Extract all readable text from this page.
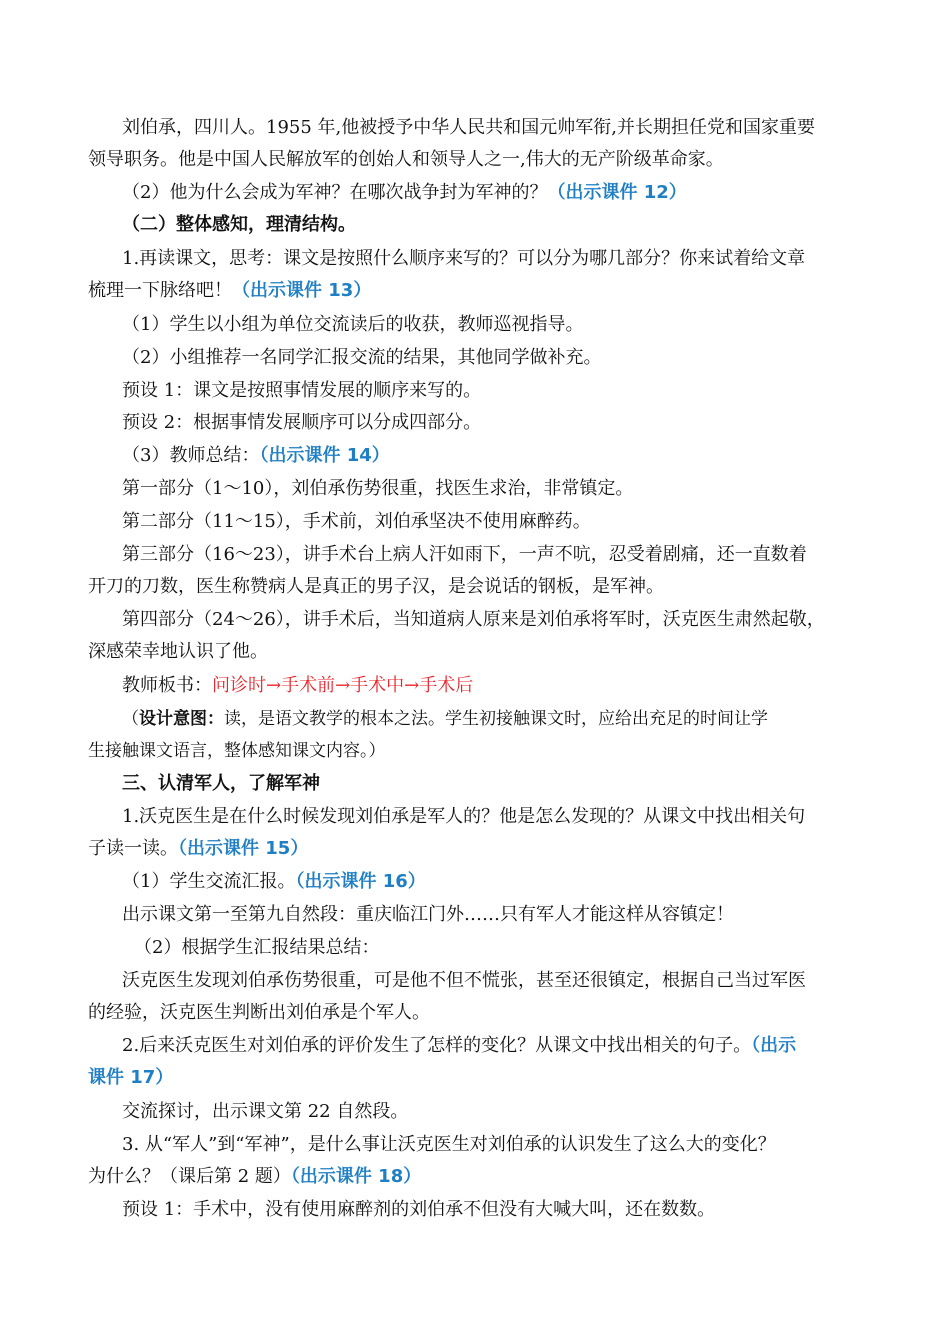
刘伯承，四川人。1955 年,他被授予中华人民共和国元帅军衔,并长期担任党和国家重要
领导职务。他是中国人民解放军的创始人和领导人之一,伟大的无产阶级革命家。
（2）他为什么会成为军神？在哪次战争封为军神的？（出示课件 12）
（二）整体感知，理清结构。
1.再读课文，思考：课文是按照什么顺序来写的？可以分为哪几部分？你来试着给文章
梳理一下脉络吧！（出示课件 13）
（1）学生以小组为单位交流读后的收获，教师巡视指导。
（2）小组推荐一名同学汇报交流的结果，其他同学做补充。
预设 1：课文是按照事情发展的顺序来写的。
预设 2：根据事情发展顺序可以分成四部分。
（3）教师总结：（出示课件 14）
第一部分（1～10），刘伯承伤势很重，找医生求治，非常镇定。
第二部分（11～15），手术前，刘伯承坚决不使用麻醉药。
第三部分（16～23），讲手术台上病人汗如雨下，一声不吭，忍受着剧痛，还一直数着
开刀的刀数，医生称赞病人是真正的男子汉，是会说话的钢板，是军神。
第四部分（24～26），讲手术后，当知道病人原来是刘伯承将军时，沃克医生肃然起敬，
深感荣幸地认识了他。
教师板书：问诊时→手术前→手术中→手术后
（设计意图：读，是语文教学的根本之法。学生初接触课文时，应给出充足的时间让学
生接触课文语言，整体感知课文内容。）
三、认清军人，了解军神
1.沃克医生是在什么时候发现刘伯承是军人的？他是怎么发现的？从课文中找出相关句
子读一读。（出示课件 15）
（1）学生交流汇报。（出示课件 16）
出示课文第一至第九自然段：重庆临江门外……只有军人才能这样从容镇定！
（2）根据学生汇报结果总结：
沃克医生发现刘伯承伤势很重，可是他不但不慌张，甚至还很镇定，根据自己当过军医
的经验，沃克医生判断出刘伯承是个军人。
2.后来沃克医生对刘伯承的评价发生了怎样的变化？从课文中找出相关的句子。（出示
课件 17）
交流探讨，出示课文第 22 自然段。
3. 从“军人”到“军神”，是什么事让沃克医生对刘伯承的认识发生了这么大的变化？
为什么？（课后第 2 题）（出示课件 18）
预设 1：手术中，没有使用麻醉剂的刘伯承不但没有大喊大叫，还在数数。
